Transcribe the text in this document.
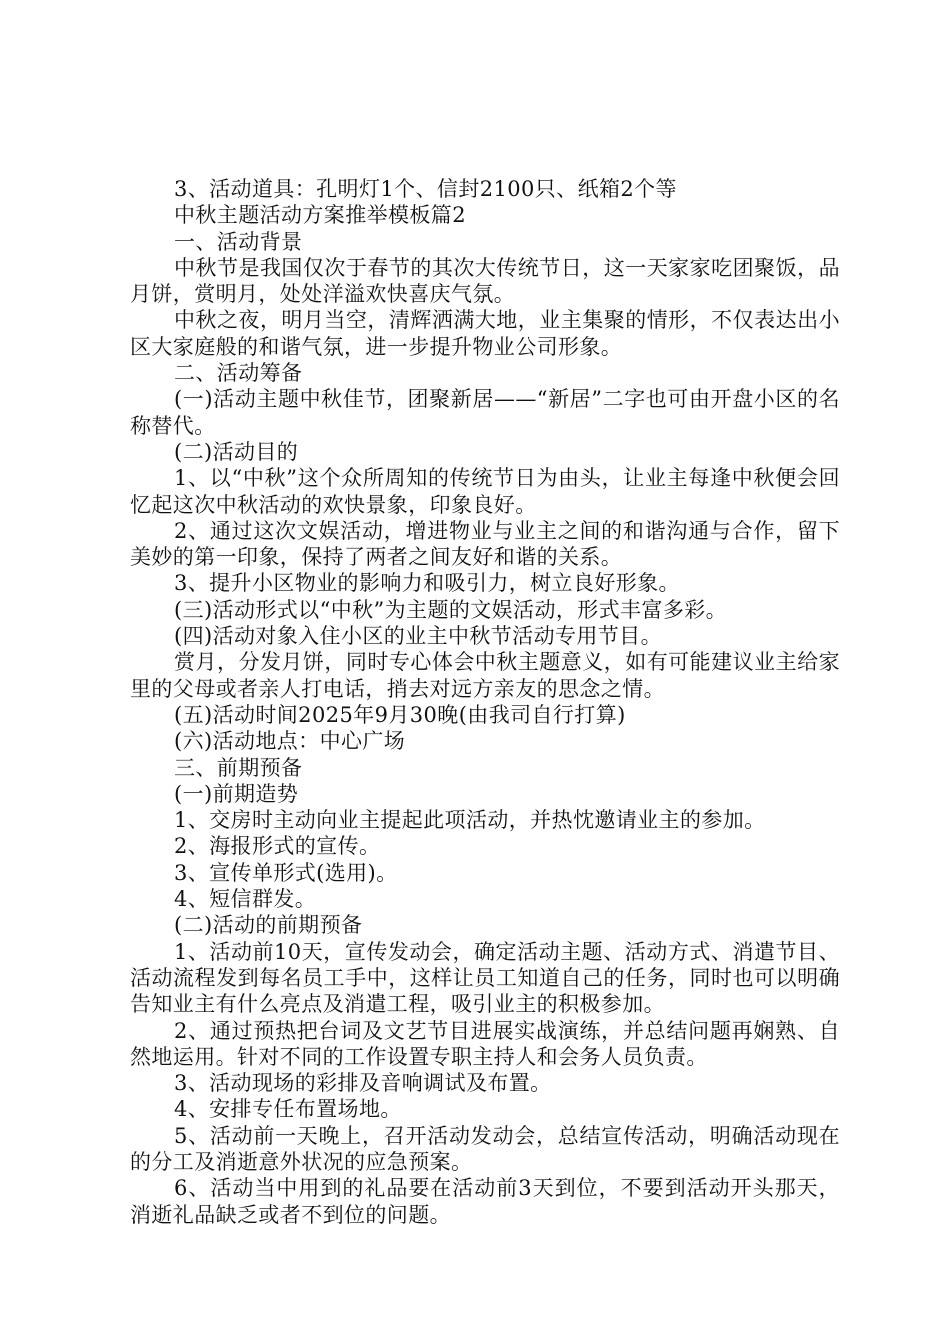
3、活动道具：孔明灯1个、信封2100只、纸箱2个等

中秋主题活动方案推举模板篇2

一、活动背景

中秋节是我国仅次于春节的其次大传统节日，这一天家家吃团聚饭，品月饼，赏明月，处处洋溢欢快喜庆气氛。

中秋之夜，明月当空，清辉洒满大地，业主集聚的情形，不仅表达出小区大家庭般的和谐气氛，进一步提升物业公司形象。

二、活动筹备

(一)活动主题中秋佳节，团聚新居——“新居”二字也可由开盘小区的名称替代。

(二)活动目的

1、以“中秋”这个众所周知的传统节日为由头，让业主每逢中秋便会回忆起这次中秋活动的欢快景象，印象良好。

2、通过这次文娱活动，增进物业与业主之间的和谐沟通与合作，留下美妙的第一印象，保持了两者之间友好和谐的关系。

3、提升小区物业的影响力和吸引力，树立良好形象。

(三)活动形式以“中秋”为主题的文娱活动，形式丰富多彩。

(四)活动对象入住小区的业主中秋节活动专用节目。

赏月，分发月饼，同时专心体会中秋主题意义，如有可能建议业主给家里的父母或者亲人打电话，捎去对远方亲友的思念之情。

(五)活动时间2025年9月30晚(由我司自行打算)

(六)活动地点：中心广场

三、前期预备

(一)前期造势

1、交房时主动向业主提起此项活动，并热忱邀请业主的参加。

2、海报形式的宣传。

3、宣传单形式(选用)。

4、短信群发。

(二)活动的前期预备

1、活动前10天，宣传发动会，确定活动主题、活动方式、消遣节目、活动流程发到每名员工手中，这样让员工知道自己的任务，同时也可以明确告知业主有什么亮点及消遣工程，吸引业主的积极参加。

2、通过预热把台词及文艺节目进展实战演练，并总结问题再娴熟、自然地运用。针对不同的工作设置专职主持人和会务人员负责。

3、活动现场的彩排及音响调试及布置。

4、安排专任布置场地。

5、活动前一天晚上，召开活动发动会，总结宣传活动，明确活动现在的分工及消逝意外状况的应急预案。

6、活动当中用到的礼品要在活动前3天到位，不要到活动开头那天，消逝礼品缺乏或者不到位的问题。
